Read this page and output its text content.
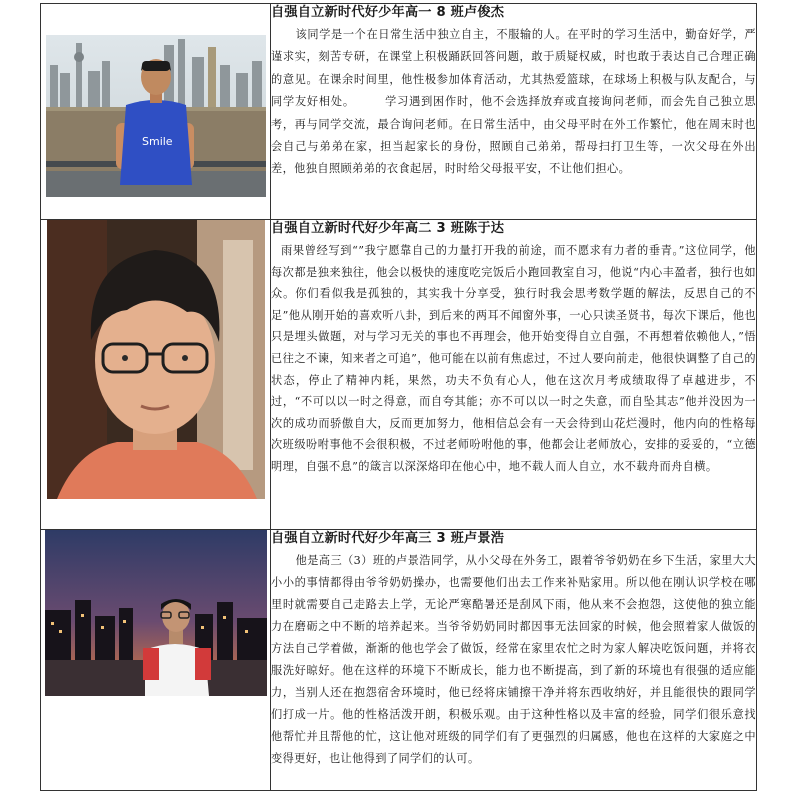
Smile	自强自立新时代好少年高一 8 班卢俊杰

该同学是一个在日常生活中独立自主，不服输的人。在平时的学习生活中，勤奋好学，严谨求实，刻苦专研，在课堂上积极踊跃回答问题，敢于质疑权威，时也敢于表达自己合理正确的意见。在课余时间里，他性极参加体育活动，尤其热爱篮球，在球场上积极与队友配合，与同学友好相处。　　　学习遇到困作时，他不会选择放弃或直接询问老师，而会先自己独立思考，再与同学交流，最合询问老师。在日常生活中，由父母平时在外工作繁忙，他在周末时也会自己与弟弟在家，担当起家长的身份，照顾自己弟弟，帮母扫打卫生等，一次父母在外出差，他独自照顾弟弟的衣食起居，时时给父母报平安，不让他们担心。

自强自立新时代好少年高二 3 班陈于达

雨果曾经写到“”我宁愿靠自己的力量打开我的前途，而不愿求有力者的垂青。”这位同学，他每次都是独来独往，他会以极快的速度吃完饭后小跑回教室自习，他说“内心丰盈者，独行也如众。你们看似我是孤独的，其实我十分享受，独行时我会思考数学题的解法，反思自己的不足”他从刚开始的喜欢听八卦，到后来的两耳不闻窗外事，一心只读圣贤书，每次下课后，他也只是埋头做题，对与学习无关的事也不再理会，他开始变得自立自强，不再想着依赖他人，”悟已往之不谏，知来者之可追”，他可能在以前有焦虑过，不过人要向前走，他很快调整了自己的状态，停止了精神内耗，果然，功夫不负有心人，他在这次月考成绩取得了卓越进步，不过，“不可以以一时之得意，而自夸其能；亦不可以以一时之失意，而自坠其志”他并没因为一次的成功而骄傲自大，反而更加努力，他相信总会有一天会待到山花烂漫时，他内向的性格每次班级吩咐事他不会很积极，不过老师吩咐他的事，他都会让老师放心，安排的妥妥的，“立德明理，自强不息”的箴言以深深烙印在他心中，地不载人而人自立，水不载舟而舟自横。

自强自立新时代好少年高三 3 班卢景浩

他是高三（3）班的卢景浩同学，从小父母在外务工，跟着爷爷奶奶在乡下生活，家里大大小小的事情都得由爷爷奶奶操办，也需要他们出去工作来补贴家用。所以他在刚认识学校在哪里时就需要自己走路去上学，无论严寒酷暑还是刮风下雨，他从来不会抱怨，这使他的独立能力在磨砺之中不断的培养起来。当爷爷奶奶同时都因事无法回家的时候，他会照着家人做饭的方法自己学着做，渐渐的他也学会了做饭，经常在家里农忙之时为家人解决吃饭问题，并将衣服洗好晾好。他在这样的环境下不断成长，能力也不断提高，到了新的环境也有很强的适应能力，当别人还在抱怨宿舍环境时，他已经将床铺擦干净并将东西收纳好，并且能很快的跟同学们打成一片。他的性格活泼开朗，积极乐观。由于这种性格以及丰富的经验，同学们很乐意找他帮忙并且帮他的忙，这让他对班级的同学们有了更强烈的归属感，他也在这样的大家庭之中变得更好，也让他得到了同学们的认可。
